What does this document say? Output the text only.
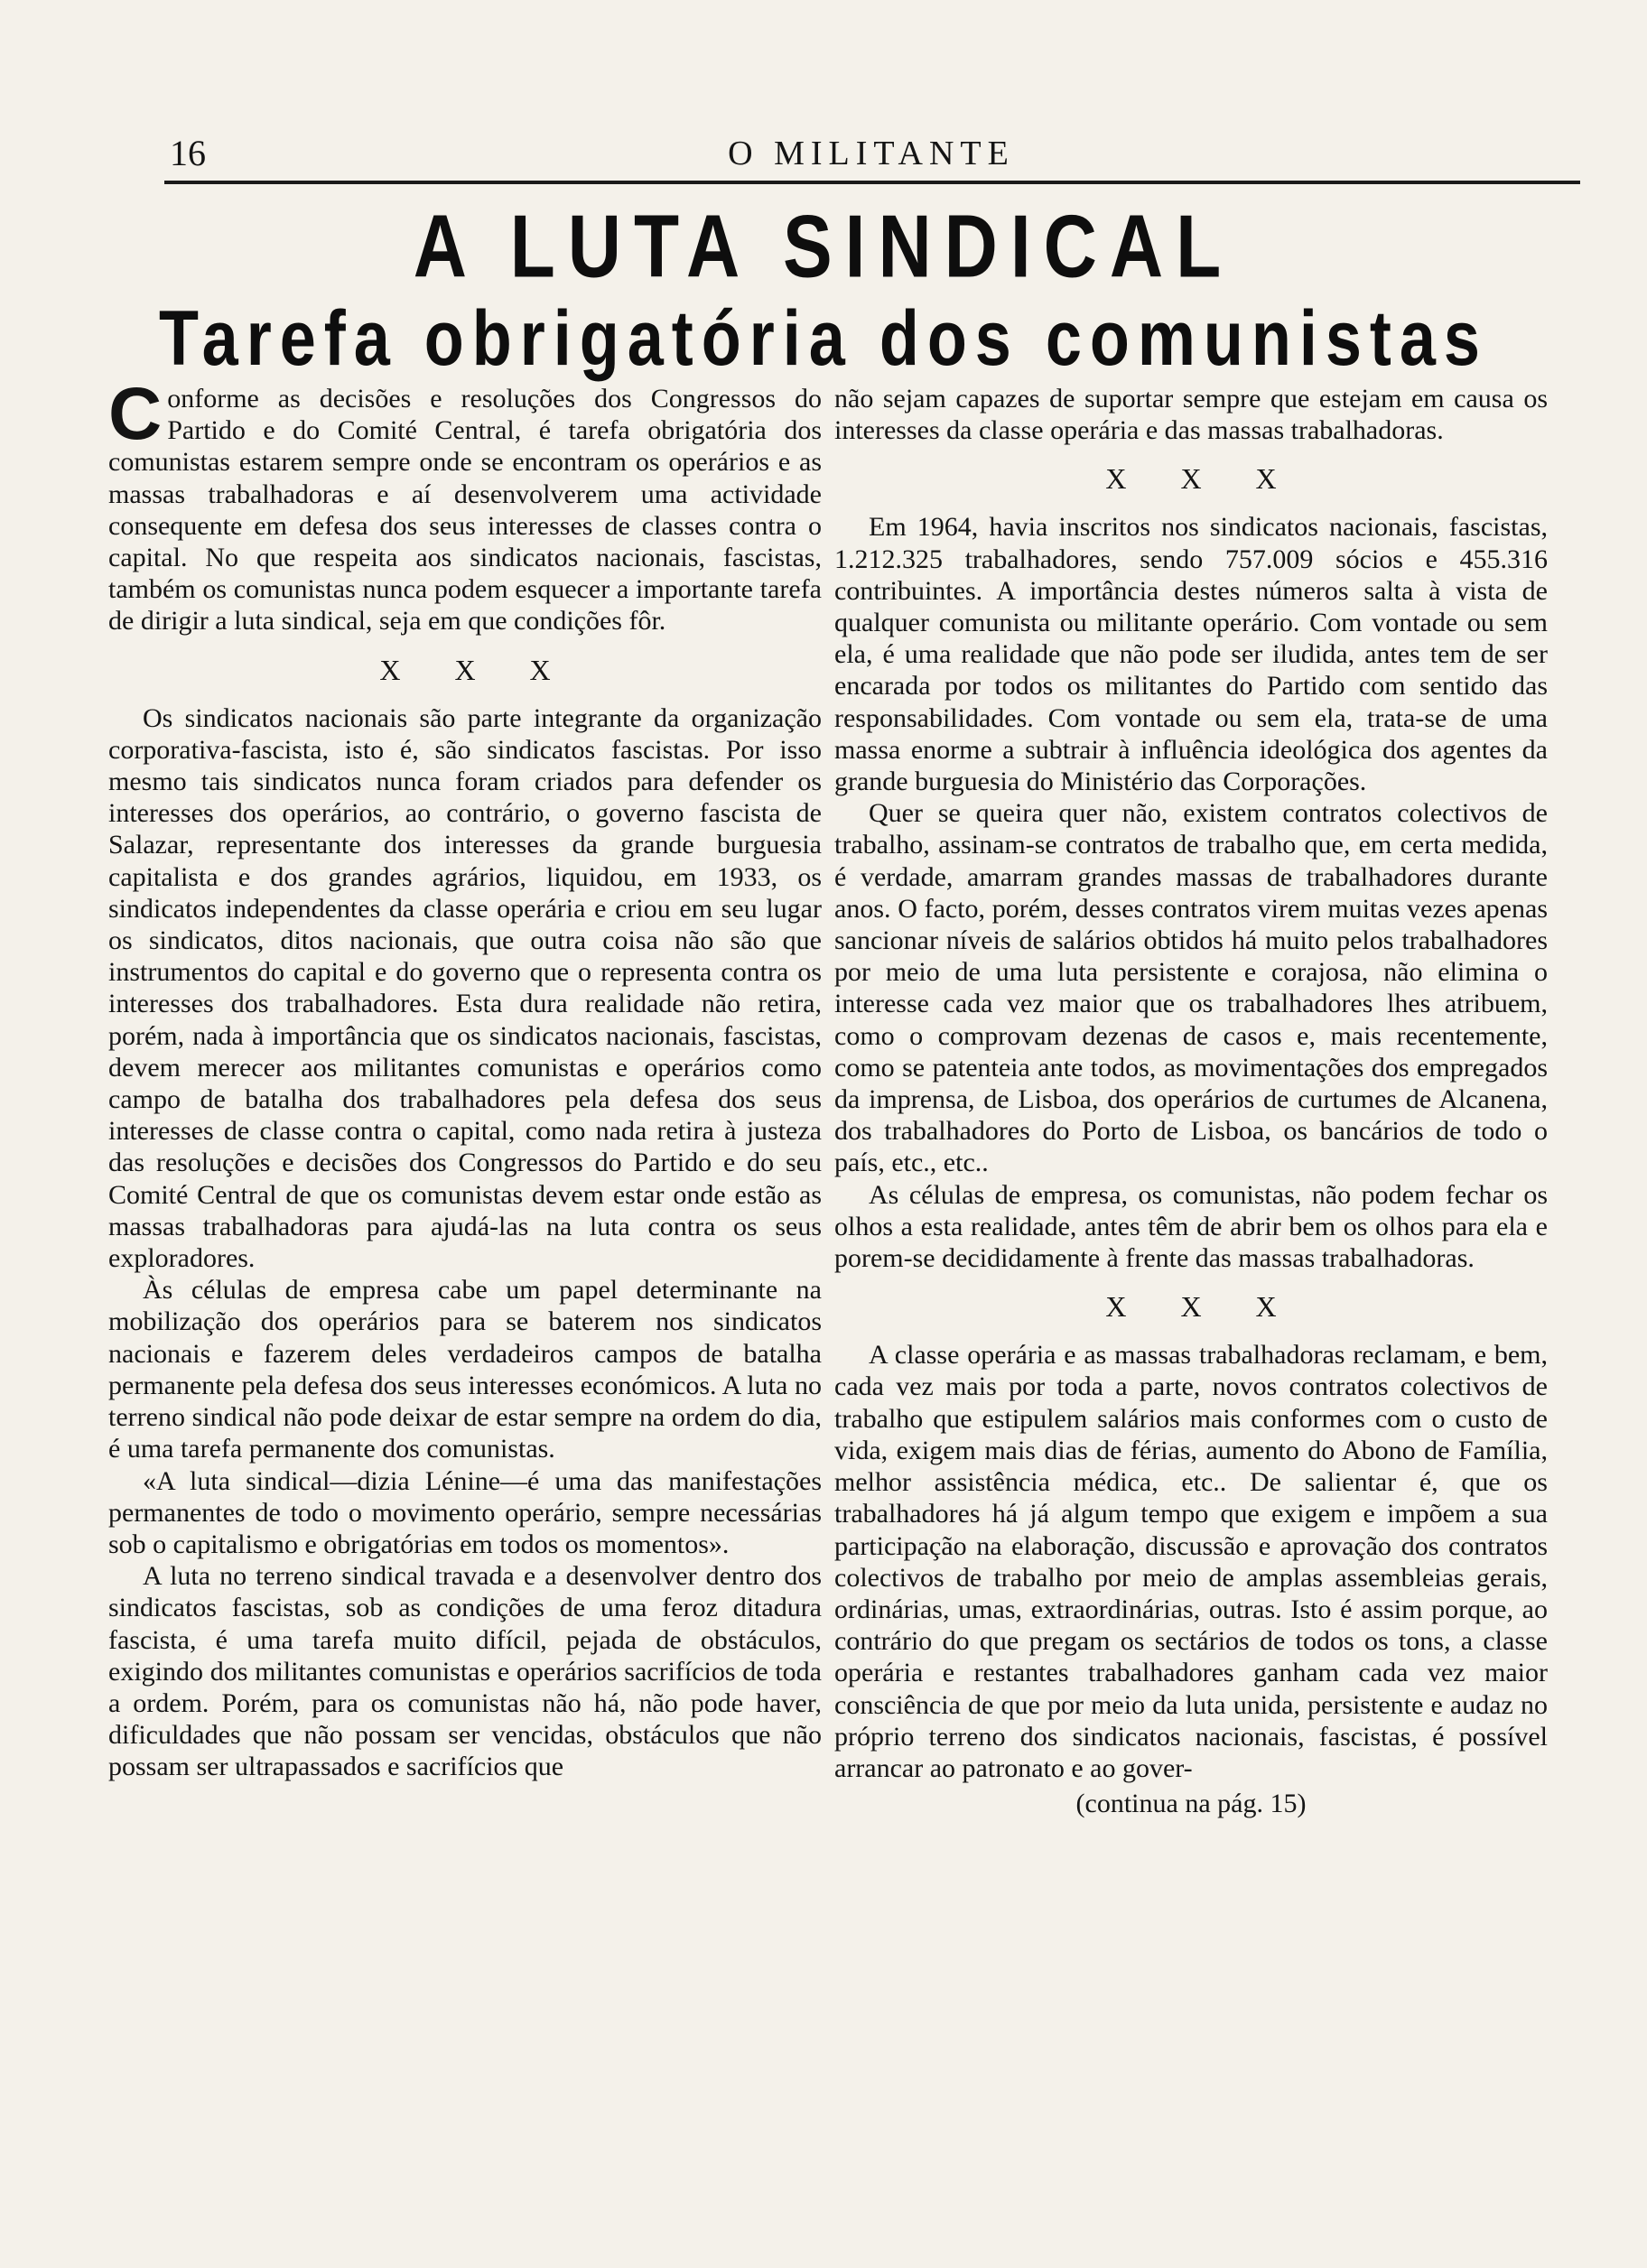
16	O MILITANTE
A LUTA SINDICAL
Tarefa obrigatória dos comunistas

Conforme as decisões e resoluções dos Congressos do Partido e do Comité Central, é tarefa obrigatória dos comunistas estarem sempre onde se encontram os operários e as massas trabalhadoras e aí desenvolverem uma actividade consequente em defesa dos seus interesses de classes contra o capital. No que respeita aos sindicatos nacionais, fascistas, também os comunistas nunca podem esquecer a importante tarefa de dirigir a luta sindical, seja em que condições fôr.

X X X

Os sindicatos nacionais são parte integrante da organização corporativa-fascista, isto é, são sindicatos fascistas. Por isso mesmo tais sindicatos nunca foram criados para defender os interesses dos operários, ao contrário, o governo fascista de Salazar, representante dos interesses da grande burguesia capitalista e dos grandes agrários, liquidou, em 1933, os sindicatos independentes da classe operária e criou em seu lugar os sindicatos, ditos nacionais, que outra coisa não são que instrumentos do capital e do governo que o representa contra os interesses dos trabalhadores. Esta dura realidade não retira, porém, nada à importância que os sindicatos nacionais, fascistas, devem merecer aos militantes comunistas e operários como campo de batalha dos trabalhadores pela defesa dos seus interesses de classe contra o capital, como nada retira à justeza das resoluções e decisões dos Congressos do Partido e do seu Comité Central de que os comunistas devem estar onde estão as massas trabalhadoras para ajudá-las na luta contra os seus exploradores.

Às células de empresa cabe um papel determinante na mobilização dos operários para se baterem nos sindicatos nacionais e fazerem deles verdadeiros campos de batalha permanente pela defesa dos seus interesses económicos. A luta no terreno sindical não pode deixar de estar sempre na ordem do dia, é uma tarefa permanente dos comunistas.

«A luta sindical—dizia Lénine—é uma das manifestações permanentes de todo o movimento operário, sempre necessárias sob o capitalismo e obrigatórias em todos os momentos».

A luta no terreno sindical travada e a desenvolver dentro dos sindicatos fascistas, sob as condições de uma feroz ditadura fascista, é uma tarefa muito difícil, pejada de obstáculos, exigindo dos militantes comunistas e operários sacrifícios de toda a ordem. Porém, para os comunistas não há, não pode haver, dificuldades que não possam ser vencidas, obstáculos que não possam ser ultrapassados e sacrifícios que

não sejam capazes de suportar sempre que estejam em causa os interesses da classe operária e das massas trabalhadoras.

X X X

Em 1964, havia inscritos nos sindicatos nacionais, fascistas, 1.212.325 trabalhadores, sendo 757.009 sócios e 455.316 contribuintes. A importância destes números salta à vista de qualquer comunista ou militante operário. Com vontade ou sem ela, é uma realidade que não pode ser iludida, antes tem de ser encarada por todos os militantes do Partido com sentido das responsabilidades. Com vontade ou sem ela, trata-se de uma massa enorme a subtrair à influência ideológica dos agentes da grande burguesia do Ministério das Corporações.

Quer se queira quer não, existem contratos colectivos de trabalho, assinam-se contratos de trabalho que, em certa medida, é verdade, amarram grandes massas de trabalhadores durante anos. O facto, porém, desses contratos virem muitas vezes apenas sancionar níveis de salários obtidos há muito pelos trabalhadores por meio de uma luta persistente e corajosa, não elimina o interesse cada vez maior que os trabalhadores lhes atribuem, como o comprovam dezenas de casos e, mais recentemente, como se patenteia ante todos, as movimentações dos empregados da imprensa, de Lisboa, dos operários de curtumes de Alcanena, dos trabalhadores do Porto de Lisboa, os bancários de todo o país, etc., etc..

As células de empresa, os comunistas, não podem fechar os olhos a esta realidade, antes têm de abrir bem os olhos para ela e porem-se decididamente à frente das massas trabalhadoras.

X X X

A classe operária e as massas trabalhadoras reclamam, e bem, cada vez mais por toda a parte, novos contratos colectivos de trabalho que estipulem salários mais conformes com o custo de vida, exigem mais dias de férias, aumento do Abono de Família, melhor assistência médica, etc.. De salientar é, que os trabalhadores há já algum tempo que exigem e impõem a sua participação na elaboração, discussão e aprovação dos contratos colectivos de trabalho por meio de amplas assembleias gerais, ordinárias, umas, extraordinárias, outras. Isto é assim porque, ao contrário do que pregam os sectários de todos os tons, a classe operária e restantes trabalhadores ganham cada vez maior consciência de que por meio da luta unida, persistente e audaz no próprio terreno dos sindicatos nacionais, fascistas, é possível arrancar ao patronato e ao gover-

(continua na pág. 15)
